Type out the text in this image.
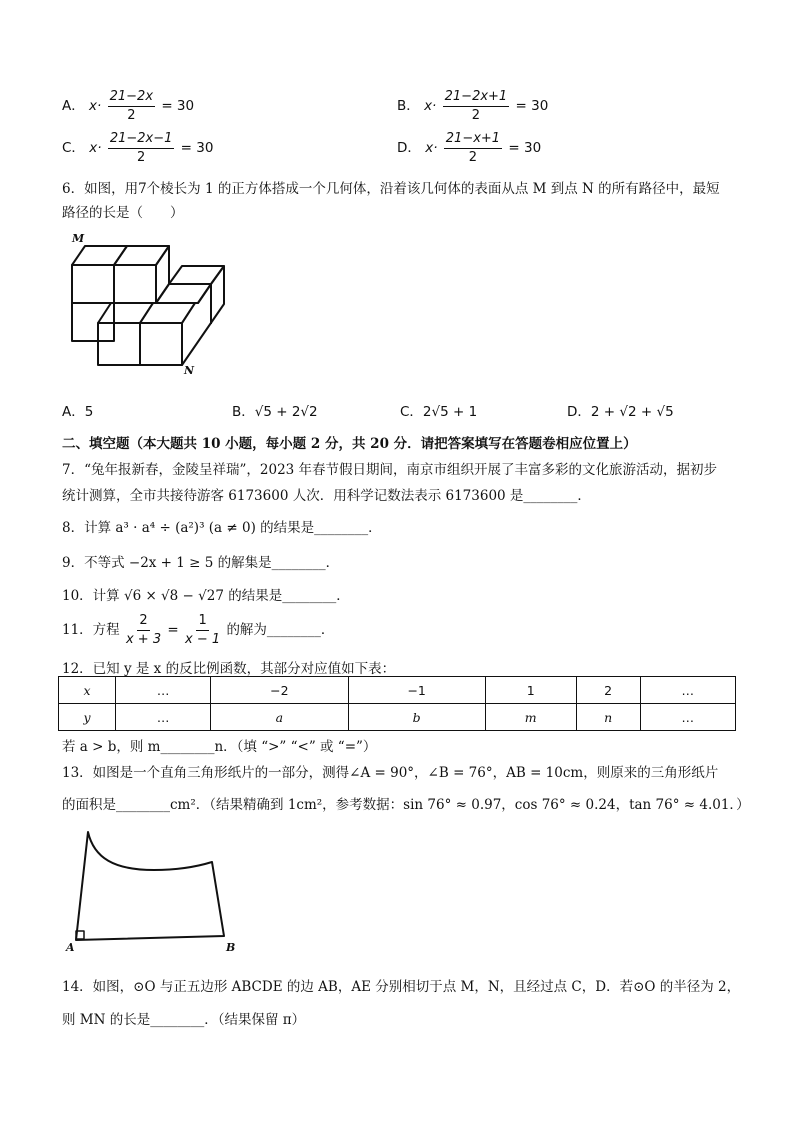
A． $x\cdot \frac{21-2x}{2} = 30$	B． $x\cdot \frac{21-2x+1}{2} = 30$
C． $x\cdot \frac{21-2x-1}{2} = 30$	D． $x\cdot \frac{21-x+1}{2} = 30$
6．如图，用7个棱长为 1 的正方体搭成一个几何体，沿着该几何体的表面从点 M 到点 N 的所有路径中，最短
路径的长是（　　）
M
N
A．5	B．√5 + 2√2	C．2√5 + 1	D．2 + √2 + √5
二、填空题（本大题共 10 小题，每小题 2 分，共 20 分．请把答案填写在答题卷相应位置上）
7．“兔年报新春，金陵呈祥瑞”，2023 年春节假日期间，南京市组织开展了丰富多彩的文化旅游活动，据初步
统计测算，全市共接待游客 6173600 人次．用科学记数法表示 6173600 是________．
8．计算 a³ · a⁴ ÷ (a²)³ (a ≠ 0) 的结果是________．
9．不等式 −2x + 1 ≥ 5 的解集是________．
10．计算 √6 × √8 − √27 的结果是________．
11．方程 $\frac{2}{x + 3} = \frac{1}{x - 1}$ 的解为________．
12．已知 y 是 x 的反比例函数，其部分对应值如下表：
x	…	−2	−1	1	2	…
y	…	a	b	m	n	…
若 a > b，则 m________n．（填 “>” “<” 或 “=”）
13．如图是一个直角三角形纸片的一部分，测得∠A = 90°，∠B = 76°，AB = 10cm，则原来的三角形纸片
的面积是________cm²．（结果精确到 1cm²，参考数据：sin 76° ≈ 0.97，cos 76° ≈ 0.24，tan 76° ≈ 4.01．）
A	B
14．如图，⊙O 与正五边形 ABCDE 的边 AB，AE 分别相切于点 M，N，且经过点 C，D．若⊙O 的半径为 2，
则 MN 的长是________．（结果保留 π）
